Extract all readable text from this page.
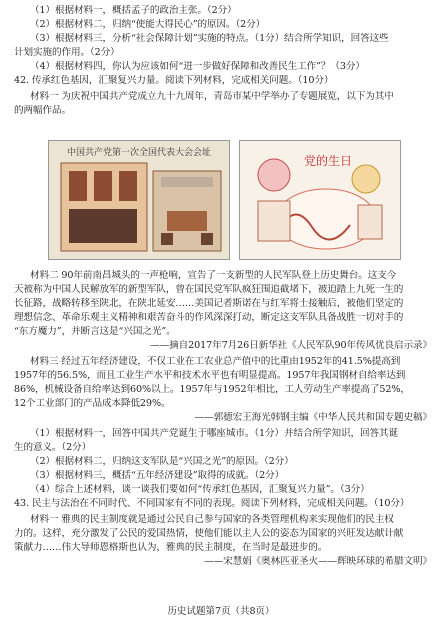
（1）根据材料一，概括孟子的政治主张。（2分）
（2）根据材料二，归纳“使能大得民心”的原因。（2分）
（3）根据材料三，分析“社会保障计划”实施的特点。（1分）结合所学知识，回答这些
计划实施的作用。（2分）
（4）根据材料四，你认为应该如何“进一步做好保障和改善民生工作”？（3分）
42. 传承红色基因，汇聚复兴力量。阅读下列材料，完成相关问题。（10分）
材料一 为庆祝中国共产党成立九十九周年，青岛市某中学举办了专题展览，以下为其中
的两幅作品。
中国共产党第一次全国代表大会会址
党的生日
材料二 90年前南昌城头的一声枪响，宣告了一支新型的人民军队登上历史舞台。这支今
天被称为中国人民解放军的新型军队，曾在国民党军队疯狂围追截堵下，被迫踏上九死一生的
长征路，战略转移至陕北，在陕北延安……美国记者斯诺在与红军将士接触后，被他们坚定的
理想信念、革命乐观主义精神和艰苦奋斗的作风深深打动，断定这支军队具备战胜一切对手的
“东方魔力”，并断言这是“兴国之光”。
——摘自2017年7月26日新华社《人民军队90年传风优良启示录》
材料三 经过五年经济建设，不仅工业在工农业总产值中的比重由1952年的41.5%提高到
1957年的56.5%，而且工业生产水平和技术水平也有明显提高。1957年我国钢材自给率达到
86%，机械设备自给率达到60%以上。1957年与1952年相比，工人劳动生产率提高了52%，
12个工业部门的产品成本降低29%。
——郭德宏王海光韩钢主编《中华人民共和国专题史稿》
（1）根据材料一，回答中国共产党诞生于哪座城市。（1分）并结合所学知识，回答其诞
生的意义。（2分）
（2）根据材料二，归纳这支军队是“兴国之光”的原因。（2分）
（3）根据材料三，概括“五年经济建设”取得的成就。（2分）
（4）综合上述材料，谈一谈我们要如何“传承红色基因，汇聚复兴力量”。（3分）
43. 民主与法治在不同时代、不同国家有不同的表现。阅读下列材料，完成相关问题。（10分）
材料一 雅典的民主制度就是通过公民自己参与国家的各类管理机构来实现他们的民主权
力的。这样，充分激发了公民的爱国热情，使他们能以主人公的姿态为国家的兴旺发达献计献
策献力……伟大导师恩格斯也认为，雅典的民主制度，在当时是最进步的。
——宋慧娟《奥林匹亚圣火——辉映环球的希腊文明》
历史试题第7页（共8页）
